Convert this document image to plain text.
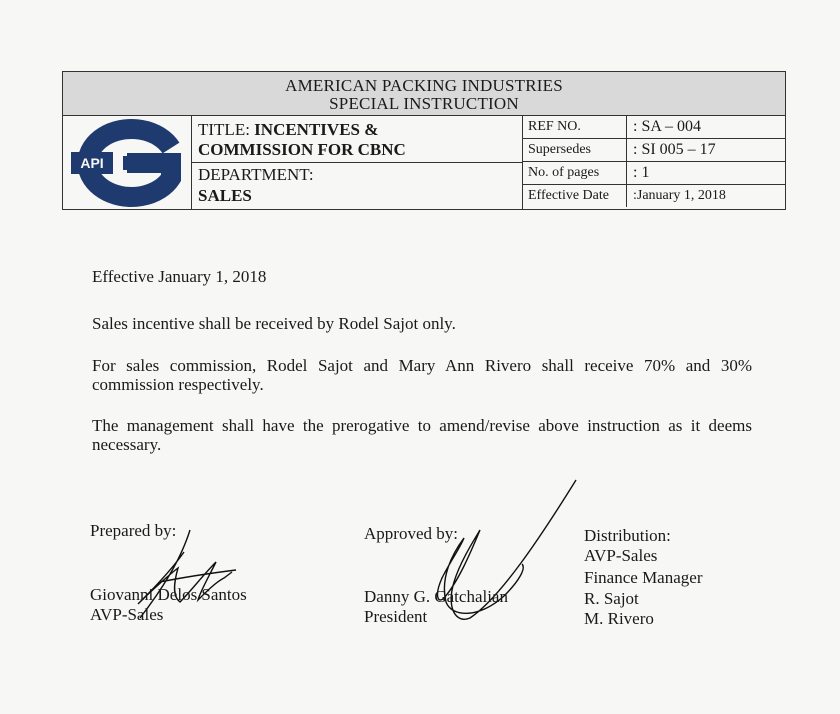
AMERICAN PACKING INDUSTRIES
SPECIAL INSTRUCTION
API
TITLE: INCENTIVES &
COMMISSION FOR CBNC
DEPARTMENT:
SALES
REF NO.	: SA – 004
Supersedes	: SI 005 – 17
No. of pages	: 1
Effective Date	:January 1, 2018
Effective January 1, 2018
Sales incentive shall be received by Rodel Sajot only.
For sales commission, Rodel Sajot and Mary Ann Rivero shall receive 70% and 30% commission respectively.
The management shall have the prerogative to amend/revise above instruction as it deems necessary.
Prepared by:
Giovanni Delos Santos
AVP-Sales
Approved by:
Danny G. Gatchalian
President
Distribution:
AVP-Sales
Finance Manager
R. Sajot
M. Rivero
